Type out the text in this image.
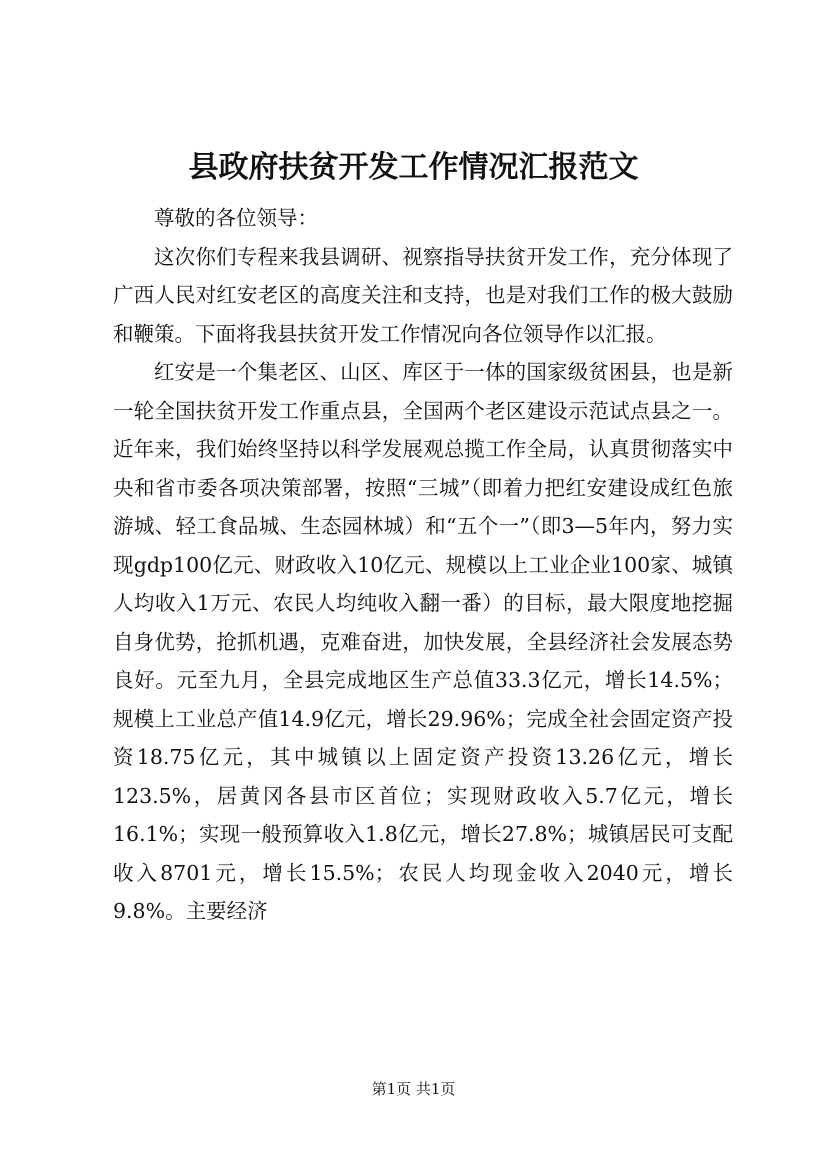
县政府扶贫开发工作情况汇报范文

尊敬的各位领导：

这次你们专程来我县调研、视察指导扶贫开发工作，充分体现了广西人民对红安老区的高度关注和支持，也是对我们工作的极大鼓励和鞭策。下面将我县扶贫开发工作情况向各位领导作以汇报。

红安是一个集老区、山区、库区于一体的国家级贫困县，也是新一轮全国扶贫开发工作重点县，全国两个老区建设示范试点县之一。近年来，我们始终坚持以科学发展观总揽工作全局，认真贯彻落实中央和省市委各项决策部署，按照“三城”（即着力把红安建设成红色旅游城、轻工食品城、生态园林城）和“五个一”（即3—5年内，努力实现gdp100亿元、财政收入10亿元、规模以上工业企业100家、城镇人均收入1万元、农民人均纯收入翻一番）的目标，最大限度地挖掘自身优势，抢抓机遇，克难奋进，加快发展，全县经济社会发展态势良好。元至九月，全县完成地区生产总值33.3亿元，增长14.5%；规模上工业总产值14.9亿元，增长29.96%；完成全社会固定资产投资18.75亿元，其中城镇以上固定资产投资13.26亿元，增长123.5%，居黄冈各县市区首位；实现财政收入5.7亿元，增长16.1%；实现一般预算收入1.8亿元，增长27.8%；城镇居民可支配收入8701元，增长15.5%；农民人均现金收入2040元，增长9.8%。主要经济

第1页 共1页
